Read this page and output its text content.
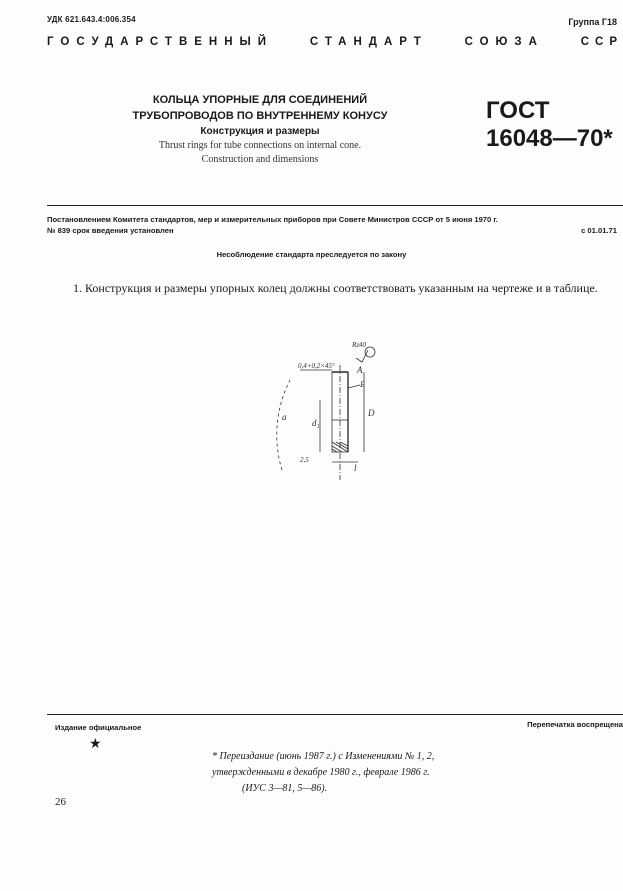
УДК 621.643.4:006.354	Группа Г18
ГОСУДАРСТВЕННЫЙ	СТАНДАРТ	СОЮЗА	ССР
КОЛЬЦА УПОРНЫЕ ДЛЯ СОЕДИНЕНИЙ
ТРУБОПРОВОДОВ ПО ВНУТРЕННЕМУ КОНУСУ
Конструкция и размеры
Thrust rings for tube connections on internal cone.
Construction and dimensions
ГОСТ
16048—70*
Постановлением Комитета стандартов, мер и измерительных приборов при Совете Министров СССР от 5 июня 1970 г.
№ 839 срок введения установлен	с 01.01.71
Несоблюдение стандарта преследуется по закону
1. Конструкция и размеры упорных колец должны соответствовать указанным на чертеже и в таблице.
Rz40
0,4+0,2×45° А
Б
а
d₁
D
l
2,5
Издание официальное	Перепечатка воспрещена
★
* Переиздание (июнь 1987 г.) с Изменениями № 1, 2,
утвержденными в декабре 1980 г., феврале 1986 г.
(ИУС 3—81, 5—86).
26
